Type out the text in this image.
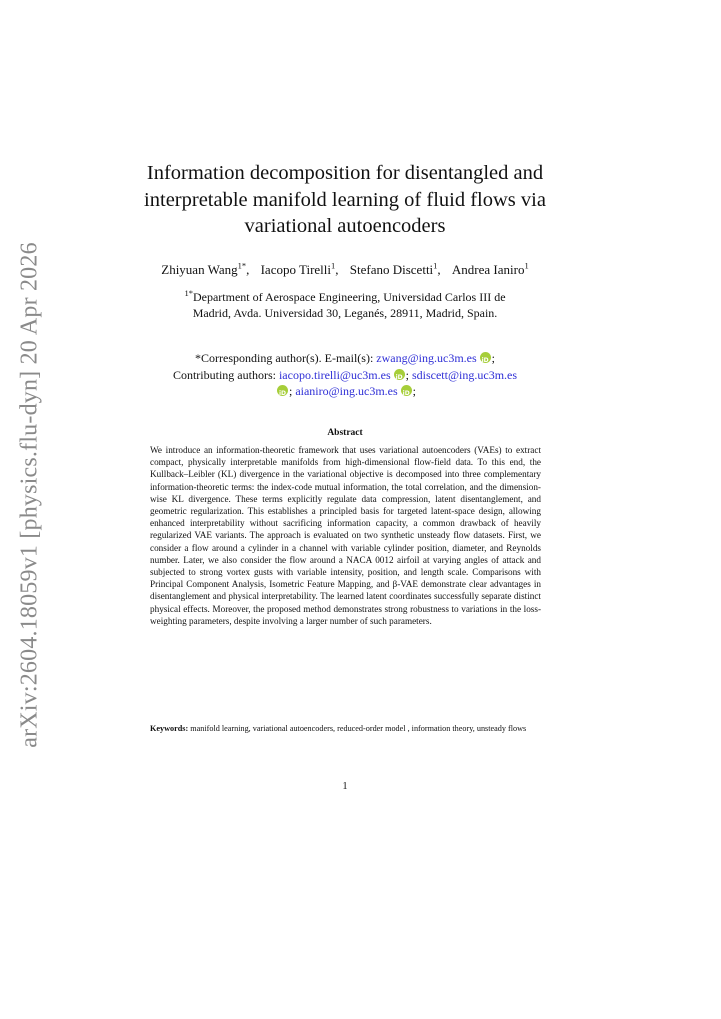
arXiv:2604.18059v1 [physics.flu-dyn] 20 Apr 2026
Information decomposition for disentangled and
interpretable manifold learning of fluid flows via
variational autoencoders
Zhiyuan Wang$^{1*}$, Iacopo Tirelli$^1$, Stefano Discetti$^1$, Andrea Ianiro$^1$
$^{1*}$Department of Aerospace Engineering, Universidad Carlos III de
Madrid, Avda. Universidad 30, Leganés, 28911, Madrid, Spain.
*Corresponding author(s). E-mail(s): zwang@ing.uc3m.es iD ;
Contributing authors: iacopo.tirelli@uc3m.es iD ; sdiscett@ing.uc3m.es
iD; aianiro@ing.uc3m.es iD ;
Abstract
We introduce an information-theoretic framework that uses variational autoencoders (VAEs) to extract compact, physically interpretable manifolds from high-dimensional flow-field data. To this end, the Kullback–Leibler (KL) divergence in the variational objective is decomposed into three complementary information-theoretic terms: the index-code mutual information, the total correlation, and the dimension-wise KL divergence. These terms explicitly regulate data compression, latent disentanglement, and geometric regularization. This establishes a principled basis for targeted latent-space design, allowing enhanced interpretability without sacrificing information capacity, a common drawback of heavily regularized VAE variants. The approach is evaluated on two synthetic unsteady flow datasets. First, we consider a flow around a cylinder in a channel with variable cylinder position, diameter, and Reynolds number. Later, we also consider the flow around a NACA 0012 airfoil at varying angles of attack and subjected to strong vortex gusts with variable intensity, position, and length scale. Comparisons with Principal Component Analysis, Isometric Feature Mapping, and β-VAE demonstrate clear advantages in disentanglement and physical interpretability. The learned latent coordinates successfully separate distinct physical effects. Moreover, the proposed method demonstrates strong robustness to variations in the loss-weighting parameters, despite involving a larger number of such parameters.
Keywords: manifold learning, variational autoencoders, reduced-order model , information theory, unsteady flows
1
